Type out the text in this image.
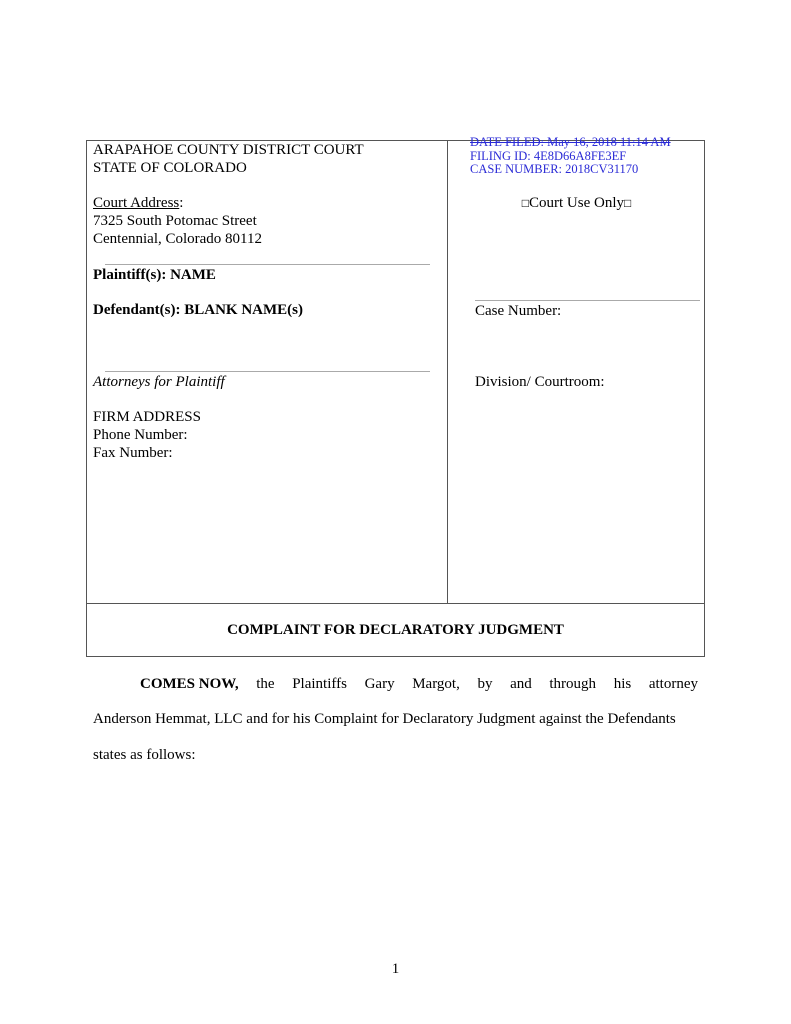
ARAPAHOE COUNTY DISTRICT COURT
STATE OF COLORADO
Court Address:
7325 South Potomac Street
Centennial, Colorado 80112
Plaintiff(s): NAME
Defendant(s): BLANK NAME(s)
Attorneys for Plaintiff
FIRM ADDRESS
Phone Number:
Fax Number:
DATE FILED: May 16, 2018 11:14 AM
FILING ID: 4E8D66A8FE3EF
CASE NUMBER: 2018CV31170
□Court Use Only□
Case Number:
Division/ Courtroom:
COMPLAINT FOR DECLARATORY JUDGMENT
COMES NOW, the Plaintiffs Gary Margot, by and through his attorney
Anderson Hemmat, LLC and for his Complaint for Declaratory Judgment against the Defendants
states as follows:
1
